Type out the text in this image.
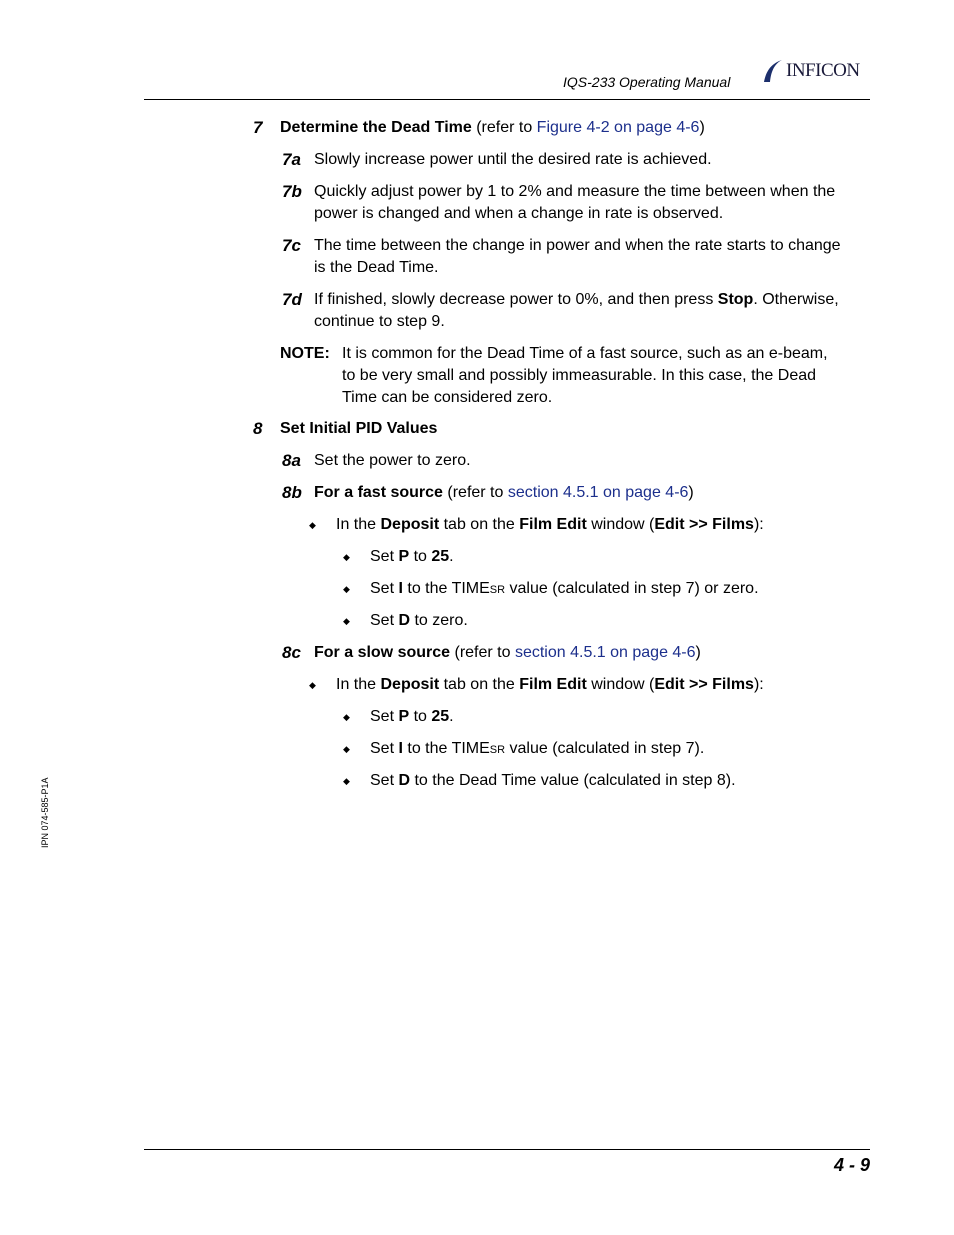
IQS-233 Operating Manual
INFICON
IPN 074-585-P1A
7 Determine the Dead Time (refer to Figure 4-2 on page 4-6)
7a Slowly increase power until the desired rate is achieved.
7b Quickly adjust power by 1 to 2% and measure the time between when the
power is changed and when a change in rate is observed.
7c The time between the change in power and when the rate starts to change
is the Dead Time.
7d If finished, slowly decrease power to 0%, and then press Stop. Otherwise,
continue to step 9.
NOTE: It is common for the Dead Time of a fast source, such as an e-beam,
to be very small and possibly immeasurable. In this case, the Dead
Time can be considered zero.
8 Set Initial PID Values
8a Set the power to zero.
8b For a fast source (refer to section 4.5.1 on page 4-6)
◆ In the Deposit tab on the Film Edit window (Edit >> Films):
◆ Set P to 25.
◆ Set I to the TIMESR value (calculated in step 7) or zero.
◆ Set D to zero.
8c For a slow source (refer to section 4.5.1 on page 4-6)
◆ In the Deposit tab on the Film Edit window (Edit >> Films):
◆ Set P to 25.
◆ Set I to the TIMESR value (calculated in step 7).
◆ Set D to the Dead Time value (calculated in step 8).
4 - 9
